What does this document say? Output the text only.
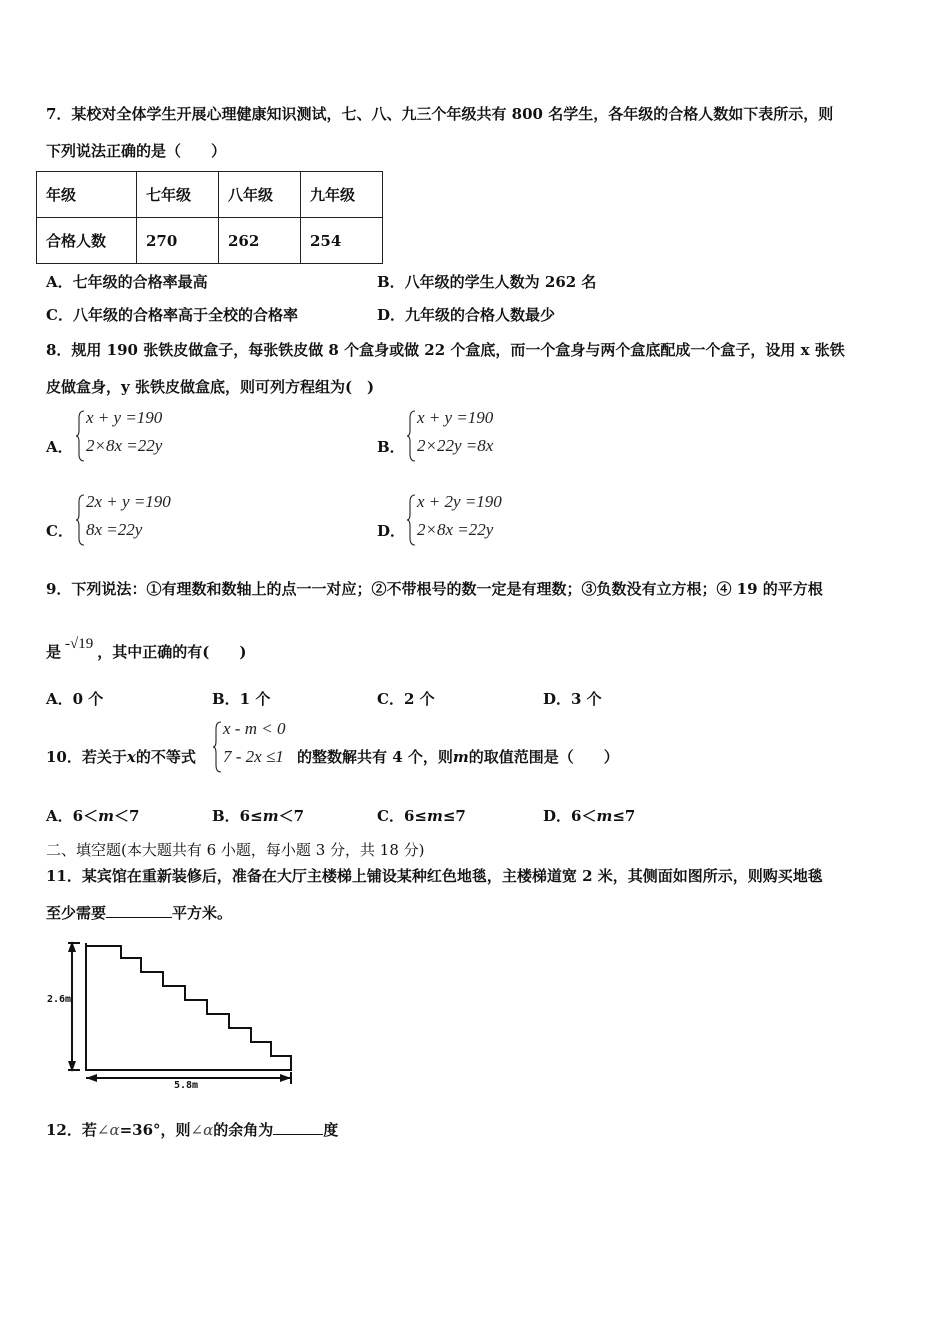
7．某校对全体学生开展心理健康知识测试，七、八、九三个年级共有 800 名学生，各年级的合格人数如下表所示，则
下列说法正确的是（　　）
年级	七年级	八年级	九年级
合格人数	270	262	254
A．七年级的合格率最高	B．八年级的学生人数为 262 名
C．八年级的合格率高于全校的合格率	D．九年级的合格人数最少
8．规用 190 张铁皮做盒子，每张铁皮做 8 个盒身或做 22 个盒底，而一个盒身与两个盒底配成一个盒子，设用 x 张铁
皮做盒身，y 张铁皮做盒底，则可列方程组为(　)
A．
x + y =190
2×8x =22y	B．
x + y =190
2×22y =8x
C．
2x + y =190
8x =22y	D．
x + 2y =190
2×8x =22y
9．下列说法：①有理数和数轴上的点一一对应；②不带根号的数一定是有理数；③负数没有立方根；④ 19 的平方根
是 -√19 ，其中正确的有(　　)
A．0 个	B．1 个	C．2 个	D．3 个
10．若关于x的不等式
x - m < 0
7 - 2x ≤1 的整数解共有 4 个，则m的取值范围是（　　）
A．6＜m＜7	B．6≤m＜7	C．6≤m≤7	D．6＜m≤7
二、填空题(本大题共有 6 小题，每小题 3 分，共 18 分)
11．某宾馆在重新装修后，准备在大厅主楼梯上铺设某种红色地毯，主楼梯道宽 2 米，其侧面如图所示，则购买地毯
至少需要	平方米。
2.6m
5.8m
12．若∠α=36°，则∠α的余角为	度
